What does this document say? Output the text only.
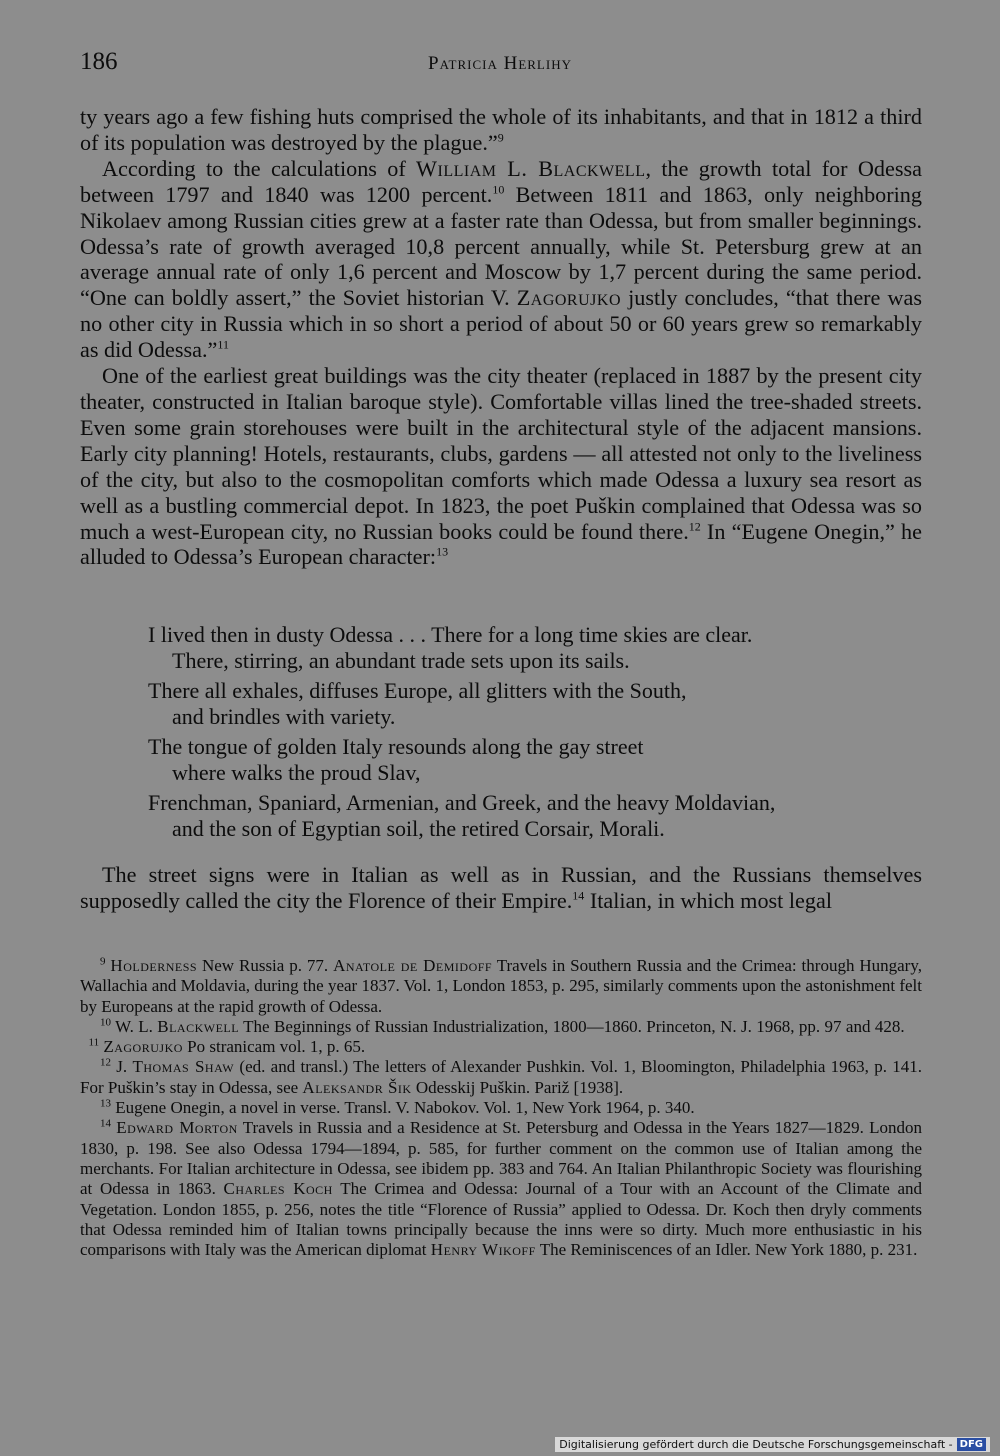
186	Patricia Herlihy

ty years ago a few fishing huts comprised the whole of its inhabitants, and that in 1812 a third of its population was destroyed by the plague.”$^9$

According to the calculations of William L. Blackwell, the growth total for Odessa between 1797 and 1840 was 1200 percent.$^{10}$ Between 1811 and 1863, only neighboring Nikolaev among Russian cities grew at a faster rate than Odessa, but from smaller beginnings. Odessa’s rate of growth averaged 10,8 percent annually, while St. Petersburg grew at an average annual rate of only 1,6 percent and Moscow by 1,7 percent during the same period. “One can boldly assert,” the Soviet historian V. Zagorujko justly concludes, “that there was no other city in Russia which in so short a period of about 50 or 60 years grew so remarkably as did Odessa.”$^{11}$

One of the earliest great buildings was the city theater (replaced in 1887 by the present city theater, constructed in Italian baroque style). Comfortable villas lined the tree-shaded streets. Even some grain storehouses were built in the architectural style of the adjacent mansions. Early city planning! Hotels, restaurants, clubs, gardens — all attested not only to the liveliness of the city, but also to the cosmopolitan comforts which made Odessa a luxury sea resort as well as a bustling commercial depot. In 1823, the poet Puškin complained that Odessa was so much a west-European city, no Russian books could be found there.$^{12}$ In “Eugene Onegin,” he alluded to Odessa’s European character:$^{13}$

I lived then in dusty Odessa . . . There for a long time skies are clear.
There, stirring, an abundant trade sets upon its sails.
There all exhales, diffuses Europe, all glitters with the South,
and brindles with variety.
The tongue of golden Italy resounds along the gay street
where walks the proud Slav,
Frenchman, Spaniard, Armenian, and Greek, and the heavy Moldavian,
and the son of Egyptian soil, the retired Corsair, Morali.

The street signs were in Italian as well as in Russian, and the Russians themselves supposedly called the city the Florence of their Empire.$^{14}$ Italian, in which most legal

$^9$ Holderness New Russia p. 77. Anatole de Demidoff Travels in Southern Russia and the Crimea: through Hungary, Wallachia and Moldavia, during the year 1837. Vol. 1, London 1853, p. 295, similarly comments upon the astonishment felt by Europeans at the rapid growth of Odessa.

$^{10}$ W. L. Blackwell The Beginnings of Russian Industrialization, 1800—1860. Princeton, N. J. 1968, pp. 97 and 428.       $^{11}$ Zagorujko Po stranicam vol. 1, p. 65.

$^{12}$ J. Thomas Shaw (ed. and transl.) The letters of Alexander Pushkin. Vol. 1, Bloomington, Philadelphia 1963, p. 141. For Puškin’s stay in Odessa, see Aleksandr Šik Odesskij Puškin. Pariž [1938].

$^{13}$ Eugene Onegin, a novel in verse. Transl. V. Nabokov. Vol. 1, New York 1964, p. 340.

$^{14}$ Edward Morton Travels in Russia and a Residence at St. Petersburg and Odessa in the Years 1827—1829. London 1830, p. 198. See also Odessa 1794—1894, p. 585, for further comment on the common use of Italian among the merchants. For Italian architecture in Odessa, see ibidem pp. 383 and 764. An Italian Philanthropic Society was flourishing at Odessa in 1863. Charles Koch The Crimea and Odessa: Journal of a Tour with an Account of the Climate and Vegetation. London 1855, p. 256, notes the title “Florence of Russia” applied to Odessa. Dr. Koch then dryly comments that Odessa reminded him of Italian towns principally because the inns were so dirty. Much more enthusiastic in his comparisons with Italy was the American diplomat Henry Wikoff The Reminiscences of an Idler. New York 1880, p. 231.

Digitalisierung gefördert durch die Deutsche Forschungsgemeinschaft - DFG
